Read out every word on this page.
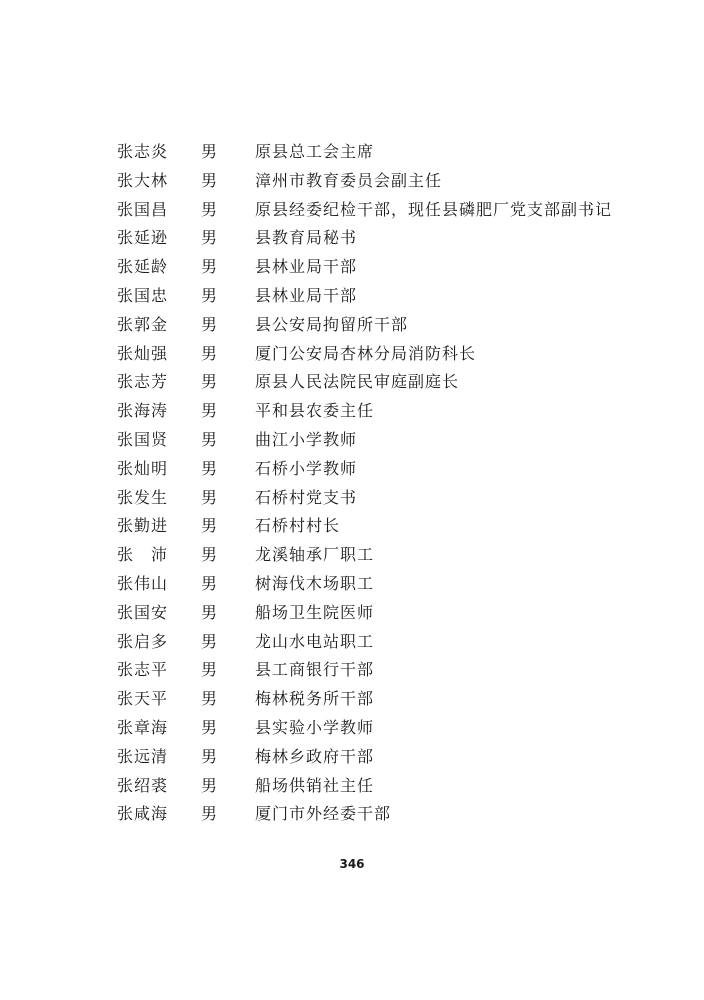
张志炎	男	原县总工会主席
张大林	男	漳州市教育委员会副主任
张国昌	男	原县经委纪检干部，现任县磷肥厂党支部副书记
张延逊	男	县教育局秘书
张延龄	男	县林业局干部
张国忠	男	县林业局干部
张郭金	男	县公安局拘留所干部
张灿强	男	厦门公安局杏林分局消防科长
张志芳	男	原县人民法院民审庭副庭长
张海涛	男	平和县农委主任
张国贤	男	曲江小学教师
张灿明	男	石桥小学教师
张发生	男	石桥村党支书
张勤进	男	石桥村村长
张　沛	男	龙溪轴承厂职工
张伟山	男	树海伐木场职工
张国安	男	船场卫生院医师
张启多	男	龙山水电站职工
张志平	男	县工商银行干部
张天平	男	梅林税务所干部
张章海	男	县实验小学教师
张远清	男	梅林乡政府干部
张绍裘	男	船场供销社主任
张咸海	男	厦门市外经委干部
346
